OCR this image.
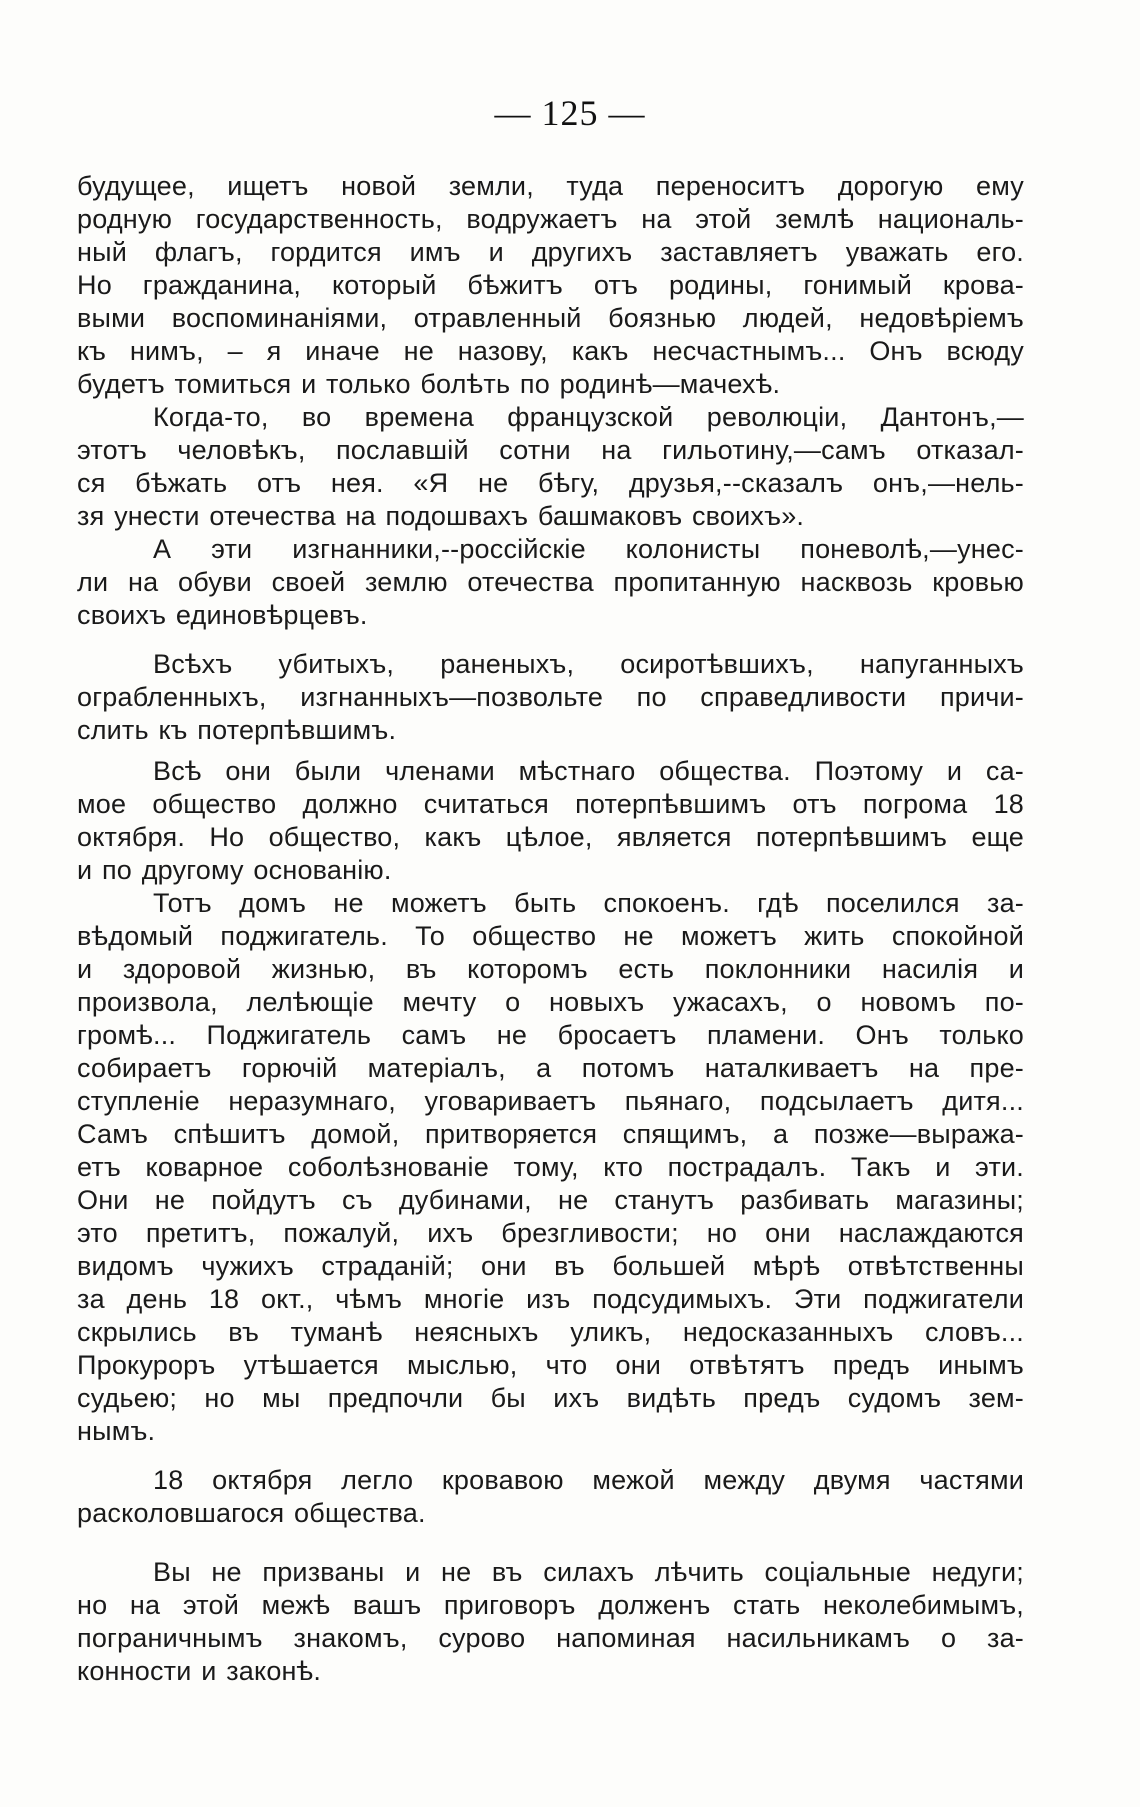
— 125 —
будущее, ищетъ новой земли, туда переноситъ дорогую ему
родную государственность, водружаетъ на этой землѣ националь-
ный флагъ, гордится имъ и другихъ заставляетъ уважать его.
Но гражданина, который бѣжитъ отъ родины, гонимый крова-
выми воспоминаніями, отравленный боязнью людей, недовѣріемъ
къ нимъ, – я иначе не назову, какъ несчастнымъ... Онъ всюду
будетъ томиться и только болѣть по родинѣ—мачехѣ.
Когда-то, во времена французской революціи, Дантонъ,—
этотъ человѣкъ, пославшій сотни на гильотину,—самъ отказал-
ся бѣжать отъ нея. «Я не бѣгу, друзья,--сказалъ онъ,—нель-
зя унести отечества на подошвахъ башмаковъ своихъ».
А эти изгнанники,--россійскіе колонисты поневолѣ,—унес-
ли на обуви своей землю отечества пропитанную насквозь кровью
своихъ единовѣрцевъ.
Всѣхъ убитыхъ, раненыхъ, осиротѣвшихъ, напуганныхъ
ограбленныхъ, изгнанныхъ—позвольте по справедливости причи-
слить къ потерпѣвшимъ.
Всѣ они были членами мѣстнаго общества. Поэтому и са-
мое общество должно считаться потерпѣвшимъ отъ погрома 18
октября. Но общество, какъ цѣлое, является потерпѣвшимъ еще
и по другому основанію.
Тотъ домъ не можетъ быть спокоенъ. гдѣ поселился за-
вѣдомый поджигатель. То общество не можетъ жить спокойной
и здоровой жизнью, въ которомъ есть поклонники насилія и
произвола, лелѣющіе мечту о новыхъ ужасахъ, о новомъ по-
громѣ... Поджигатель самъ не бросаетъ пламени. Онъ только
собираетъ горючій матеріалъ, а потомъ наталкиваетъ на пре-
ступленіе неразумнаго, уговариваетъ пьянаго, подсылаетъ дитя...
Самъ спѣшитъ домой, притворяется спящимъ, а позже—выража-
етъ коварное соболѣзнованіе тому, кто пострадалъ. Такъ и эти.
Они не пойдутъ съ дубинами, не станутъ разбивать магазины;
это претитъ, пожалуй, ихъ брезгливости; но они наслаждаются
видомъ чужихъ страданій; они въ большей мѣрѣ отвѣтственны
за день 18 окт., чѣмъ многіе изъ подсудимыхъ. Эти поджигатели
скрылись въ туманѣ неясныхъ уликъ, недосказанныхъ словъ...
Прокуроръ утѣшается мыслью, что они отвѣтятъ предъ инымъ
судьею; но мы предпочли бы ихъ видѣть предъ судомъ зем-
нымъ.
18 октября легло кровавою межой между двумя частями
расколовшагося общества.
Вы не призваны и не въ силахъ лѣчить соціальные недуги;
но на этой межѣ вашъ приговоръ долженъ стать неколебимымъ,
пограничнымъ знакомъ, сурово напоминая насильникамъ о за-
конности и законѣ.
